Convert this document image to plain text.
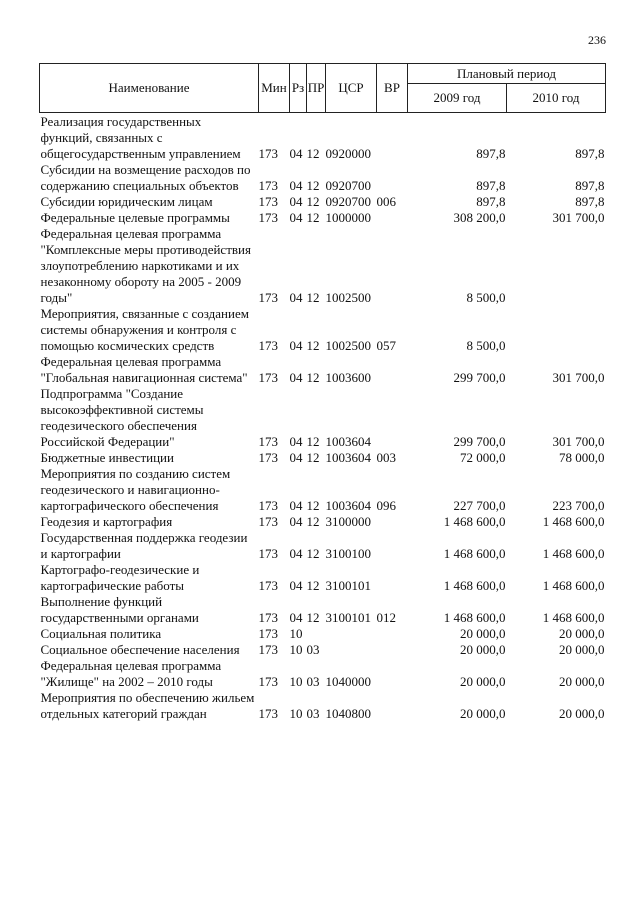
236
Наименование	Мин	Рз	ПР	ЦСР	ВР	Плановый период	
						2009 год	2010 год
Реализация государственных функций, связанных с общегосударственным управлением	173	04	12	0920000		897,8	897,8
Субсидии на возмещение расходов по содержанию специальных объектов	173	04	12	0920700		897,8	897,8
Субсидии юридическим лицам	173	04	12	0920700	006	897,8	897,8
Федеральные целевые программы	173	04	12	1000000		308 200,0	301 700,0
Федеральная целевая программа "Комплексные меры противодействия злоупотреблению наркотиками и их незаконному обороту на 2005 - 2009 годы"	173	04	12	1002500		8 500,0	
Мероприятия, связанные с созданием системы обнаружения и контроля с помощью космических средств	173	04	12	1002500	057	8 500,0	
Федеральная целевая программа "Глобальная навигационная система"	173	04	12	1003600		299 700,0	301 700,0
Подпрограмма "Создание высокоэффективной системы геодезического обеспечения Российской Федерации"	173	04	12	1003604		299 700,0	301 700,0
Бюджетные инвестиции	173	04	12	1003604	003	72 000,0	78 000,0
Мероприятия по созданию систем геодезического и навигационно-картографического обеспечения	173	04	12	1003604	096	227 700,0	223 700,0
Геодезия и картография	173	04	12	3100000		1 468 600,0	1 468 600,0
Государственная поддержка геодезии и картографии	173	04	12	3100100		1 468 600,0	1 468 600,0
Картографо-геодезические и картографические работы	173	04	12	3100101		1 468 600,0	1 468 600,0
Выполнение функций государственными органами	173	04	12	3100101	012	1 468 600,0	1 468 600,0
Социальная политика	173	10				20 000,0	20 000,0
Социальное обеспечение населения	173	10	03			20 000,0	20 000,0
Федеральная целевая программа "Жилище" на 2002 – 2010 годы	173	10	03	1040000		20 000,0	20 000,0
Мероприятия по обеспечению жильем отдельных категорий граждан	173	10	03	1040800		20 000,0	20 000,0
